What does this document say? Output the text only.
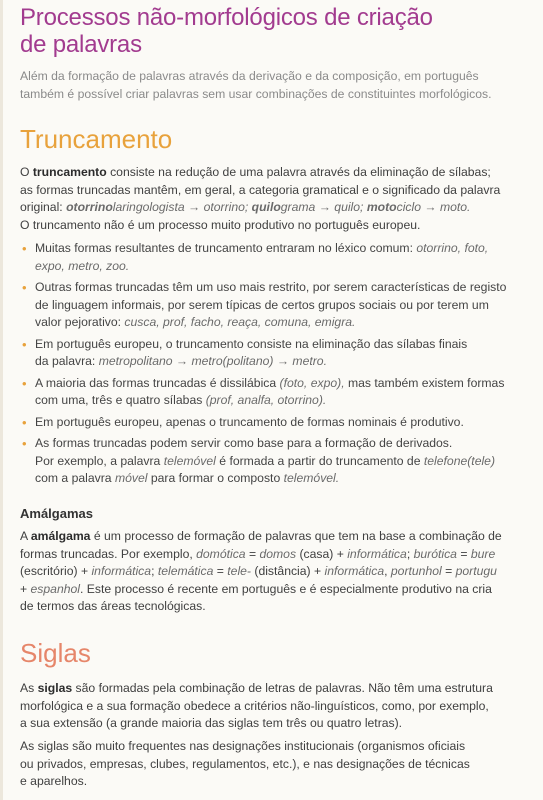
Processos não-morfológicos de criação
de palavras
Além da formação de palavras através da derivação e da composição, em português
também é possível criar palavras sem usar combinações de constituintes morfológicos.
Truncamento
O truncamento consiste na redução de uma palavra através da eliminação de sílabas;
as formas truncadas mantêm, em geral, a categoria gramatical e o significado da palavra
original: otorrinolaringologista → otorrino; quilograma → quilo; motociclo → moto.
O truncamento não é um processo muito produtivo no português europeu.
• Muitas formas resultantes de truncamento entraram no léxico comum: otorrino, foto,
expo, metro, zoo.
• Outras formas truncadas têm um uso mais restrito, por serem características de registo
de linguagem informais, por serem típicas de certos grupos sociais ou por terem um
valor pejorativo: cusca, prof, facho, reaça, comuna, emigra.
• Em português europeu, o truncamento consiste na eliminação das sílabas finais
da palavra: metropolitano → metro(politano) → metro.
• A maioria das formas truncadas é dissilábica (foto, expo), mas também existem formas
com uma, três e quatro sílabas (prof, analfa, otorrino).
• Em português europeu, apenas o truncamento de formas nominais é produtivo.
• As formas truncadas podem servir como base para a formação de derivados.
Por exemplo, a palavra telemóvel é formada a partir do truncamento de telefone(tele)
com a palavra móvel para formar o composto telemóvel.
Amálgamas
A amálgama é um processo de formação de palavras que tem na base a combinação de
formas truncadas. Por exemplo, domótica = domos (casa) + informática; burótica = bure
(escritório) + informática; telemática = tele- (distância) + informática, portunhol = portugu
+ espanhol. Este processo é recente em português e é especialmente produtivo na cria
de termos das áreas tecnológicas.
Siglas
As siglas são formadas pela combinação de letras de palavras. Não têm uma estrutura
morfológica e a sua formação obedece a critérios não-linguísticos, como, por exemplo,
a sua extensão (a grande maioria das siglas tem três ou quatro letras).
As siglas são muito frequentes nas designações institucionais (organismos oficiais
ou privados, empresas, clubes, regulamentos, etc.), e nas designações de técnicas
e aparelhos.
